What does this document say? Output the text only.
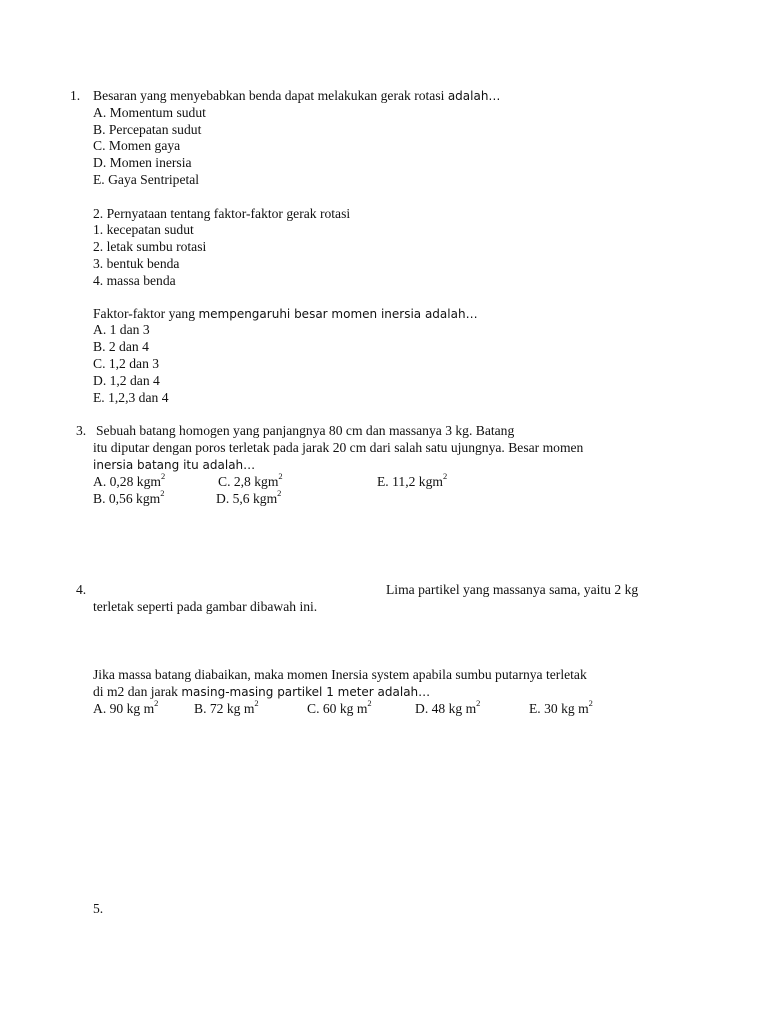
1. Besaran yang menyebabkan benda dapat melakukan gerak rotasi adalah…
A. Momentum sudut
B. Percepatan sudut
C. Momen gaya
D. Momen inersia
E. Gaya Sentripetal
2. Pernyataan tentang faktor-faktor gerak rotasi
1. kecepatan sudut
2. letak sumbu rotasi
3. bentuk benda
4. massa benda
Faktor-faktor yang mempengaruhi besar momen inersia adalah…
A. 1 dan 3
B. 2 dan 4
C. 1,2 dan 3
D. 1,2 dan 4
E. 1,2,3 dan 4
3. Sebuah batang homogen yang panjangnya 80 cm dan massanya 3 kg. Batang
itu diputar dengan poros terletak pada jarak 20 cm dari salah satu ujungnya. Besar momen
inersia batang itu adalah…
A. 0,28 kgm$^2$	C. 2,8 kgm$^2$	E. 11,2 kgm$^2$
B. 0,56 kgm$^2$	D. 5,6 kgm$^2$
4.	Lima partikel yang massanya sama, yaitu 2 kg
terletak seperti pada gambar dibawah ini.
Jika massa batang diabaikan, maka momen Inersia system apabila sumbu putarnya terletak
di m2 dan jarak masing-masing partikel 1 meter adalah…
A. 90 kg $m^2$	B. 72 kg $m^2$	C. 60 kg $m^2$	D. 48 kg $m^2$	E. 30 kg $m^2$
5.
